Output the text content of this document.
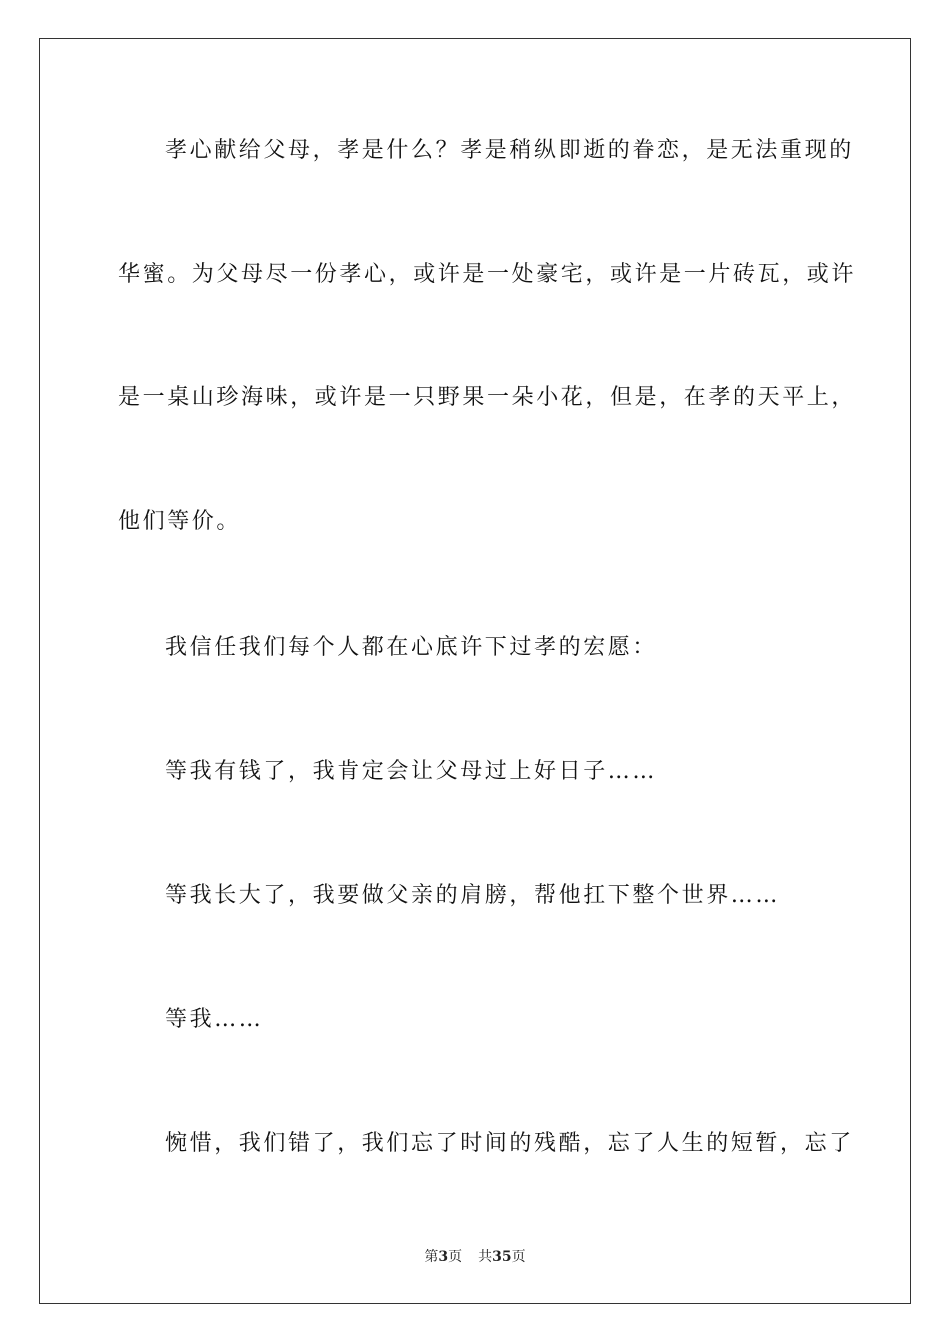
孝心献给父母，孝是什么？孝是稍纵即逝的眷恋，是无法重现的

华蜜。为父母尽一份孝心，或许是一处豪宅，或许是一片砖瓦，或许

是一桌山珍海味，或许是一只野果一朵小花，但是，在孝的天平上，

他们等价。

我信任我们每个人都在心底许下过孝的宏愿：

等我有钱了，我肯定会让父母过上好日子……

等我长大了，我要做父亲的肩膀，帮他扛下整个世界……

等我……

惋惜，我们错了，我们忘了时间的残酷，忘了人生的短暂，忘了

第3页 共35页
